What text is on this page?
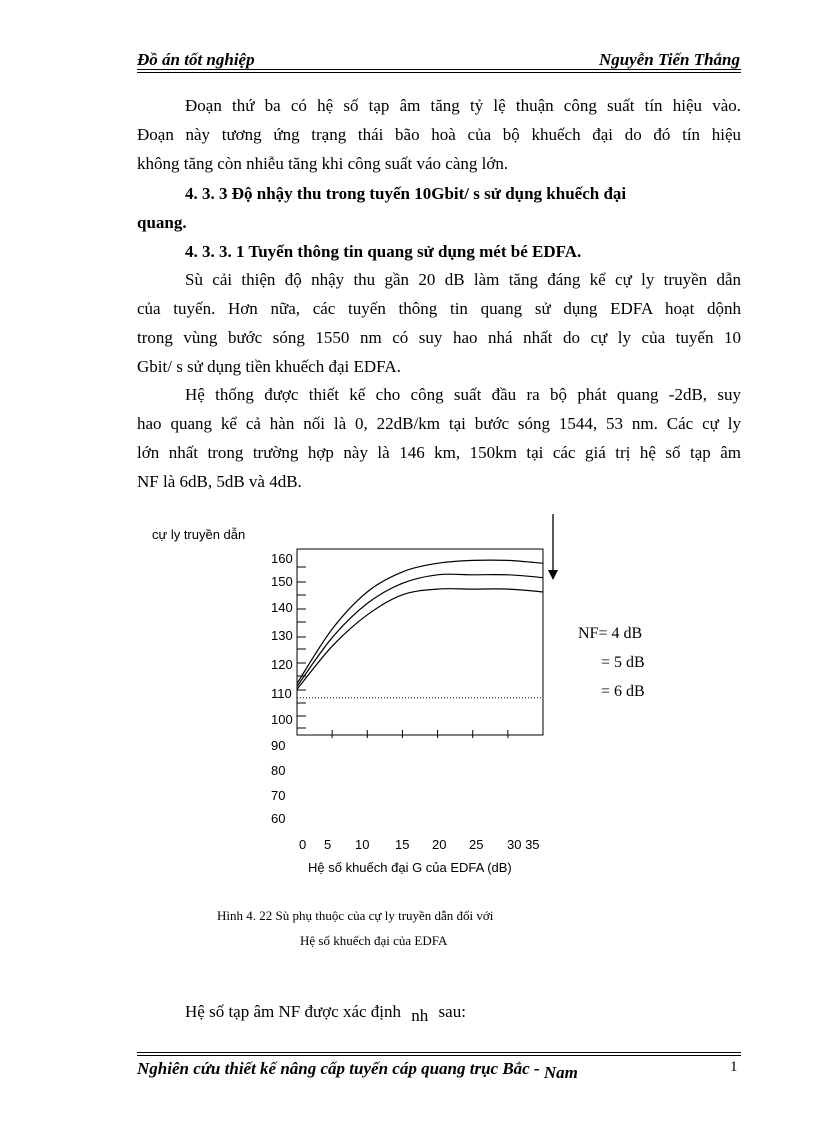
Đồ án tốt nghiệp	Nguyễn Tiến Thắng
Đoạn thứ ba có hệ số tạp âm tăng tỷ lệ thuận công suất tín hiệu vào.
Đoạn này tương ứng trạng thái bão hoà của bộ khuếch đại do đó tín hiệu
không tăng còn nhiễu tăng khi công suất váo càng lớn.
4. 3. 3 Độ nhậy thu trong tuyến 10Gbit/ s sử dụng khuếch đại
quang.
4. 3. 3. 1 Tuyến thông tin quang sử dụng mét bé EDFA.
Sù cải thiện độ nhậy thu gần 20 dB làm tăng đáng kể cự ly truyền dẫn
của tuyến. Hơn nữa, các tuyến thông tin quang sử dụng EDFA hoạt dộnh
trong vùng bước sóng 1550 nm có suy hao nhá nhất do cự ly của tuyến 10
Gbit/ s sử dụng tiền khuếch đại EDFA.
Hệ thống được thiết kế cho công suất đầu ra bộ phát quang -2dB, suy
hao quang kể cả hàn nối là 0, 22dB/km tại bước sóng 1544, 53 nm. Các cự ly
lớn nhất trong trường hợp này là 146 km, 150km tại các giá trị hệ số tạp âm
NF là 6dB, 5dB và 4dB.
cự ly truyền dẫn
160
150
140
130
120
110
100
90
80
70
60
0 5 10 15 20 25 30 35
Hệ số khuếch đại G của EDFA (dB)
NF= 4 dB
= 5 dB
= 6 dB
Hình 4. 22 Sù phụ thuộc của cự ly truyền dẫn đối với
Hệ số khuếch đại của EDFA
Hệ số tạp âm NF được xác định nh sau:
Nghiên cứu thiết kế nâng cấp tuyến cáp quang trục Bắc - Nam	1
